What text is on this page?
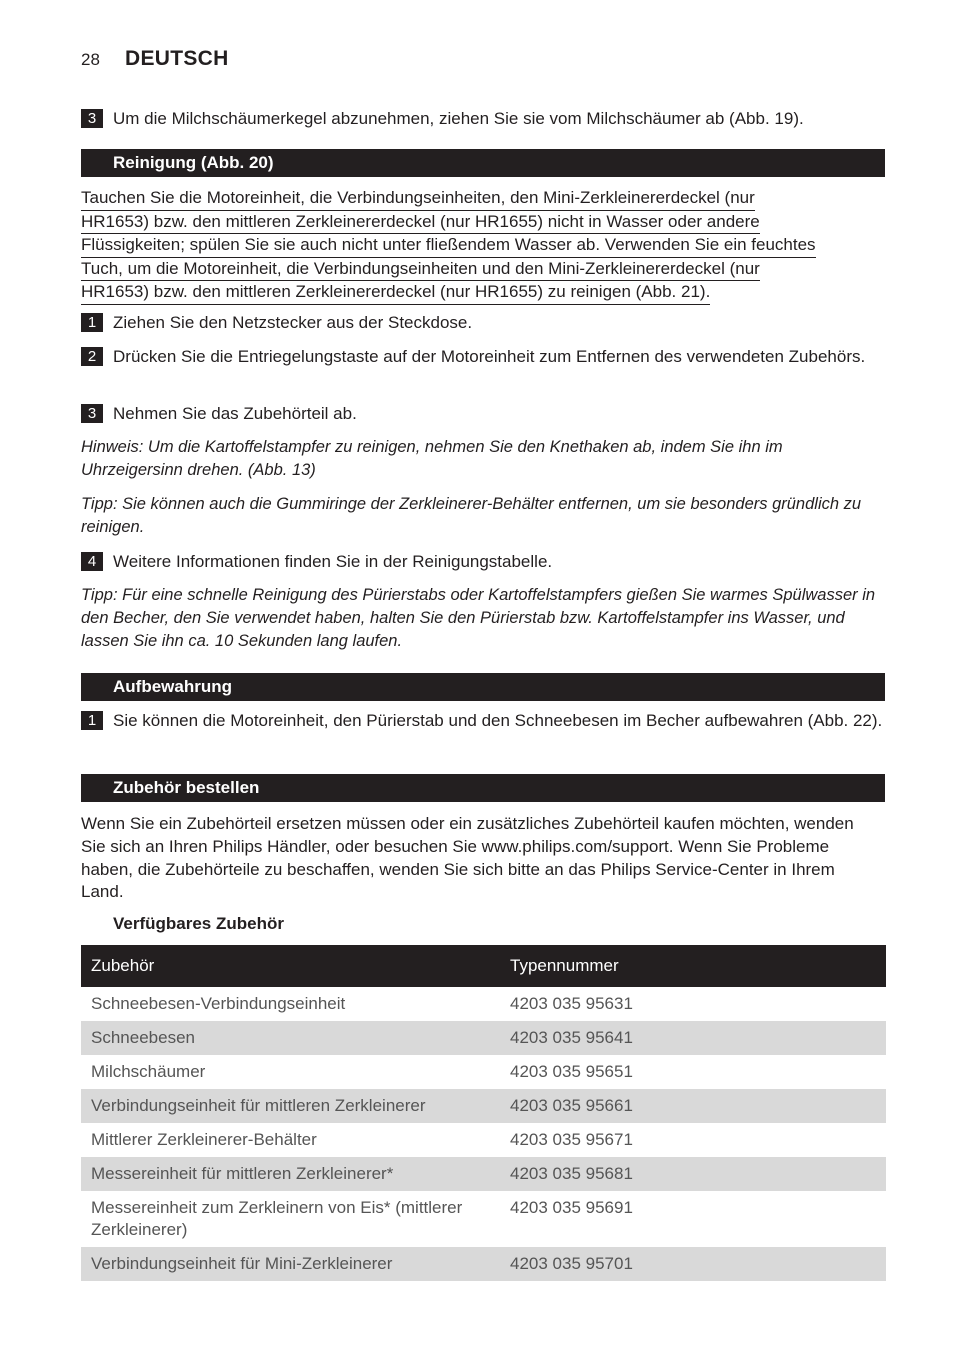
28 DEUTSCH
3 Um die Milchschäumerkegel abzunehmen, ziehen Sie sie vom Milchschäumer ab (Abb. 19).
Reinigung (Abb. 20)
Tauchen Sie die Motoreinheit, die Verbindungseinheiten, den Mini-Zerkleinererdeckel (nur
HR1653) bzw. den mittleren Zerkleinererdeckel (nur HR1655) nicht in Wasser oder andere
Flüssigkeiten; spülen Sie sie auch nicht unter fließendem Wasser ab. Verwenden Sie ein feuchtes
Tuch, um die Motoreinheit, die Verbindungseinheiten und den Mini-Zerkleinererdeckel (nur
HR1653) bzw. den mittleren Zerkleinererdeckel (nur HR1655) zu reinigen (Abb. 21).
1 Ziehen Sie den Netzstecker aus der Steckdose.
2 Drücken Sie die Entriegelungstaste auf der Motoreinheit zum Entfernen des verwendeten Zubehörs.
3 Nehmen Sie das Zubehörteil ab.
Hinweis: Um die Kartoffelstampfer zu reinigen, nehmen Sie den Knethaken ab, indem Sie ihn im Uhrzeigersinn drehen. (Abb. 13)
Tipp: Sie können auch die Gummiringe der Zerkleinerer-Behälter entfernen, um sie besonders gründlich zu reinigen.
4 Weitere Informationen finden Sie in der Reinigungstabelle.
Tipp: Für eine schnelle Reinigung des Pürierstabs oder Kartoffelstampfers gießen Sie warmes Spülwasser in den Becher, den Sie verwendet haben, halten Sie den Pürierstab bzw. Kartoffelstampfer ins Wasser, und lassen Sie ihn ca. 10 Sekunden lang laufen.
Aufbewahrung
1 Sie können die Motoreinheit, den Pürierstab und den Schneebesen im Becher aufbewahren (Abb. 22).
Zubehör bestellen
Wenn Sie ein Zubehörteil ersetzen müssen oder ein zusätzliches Zubehörteil kaufen möchten, wenden Sie sich an Ihren Philips Händler, oder besuchen Sie www.philips.com/support. Wenn Sie Probleme haben, die Zubehörteile zu beschaffen, wenden Sie sich bitte an das Philips Service-Center in Ihrem Land.
Verfügbares Zubehör
Zubehör	Typennummer
Schneebesen-Verbindungseinheit	4203 035 95631
Schneebesen	4203 035 95641
Milchschäumer	4203 035 95651
Verbindungseinheit für mittleren Zerkleinerer	4203 035 95661
Mittlerer Zerkleinerer-Behälter	4203 035 95671
Messereinheit für mittleren Zerkleinerer*	4203 035 95681
Messereinheit zum Zerkleinern von Eis* (mittlerer Zerkleinerer)	4203 035 95691
Verbindungseinheit für Mini-Zerkleinerer	4203 035 95701
